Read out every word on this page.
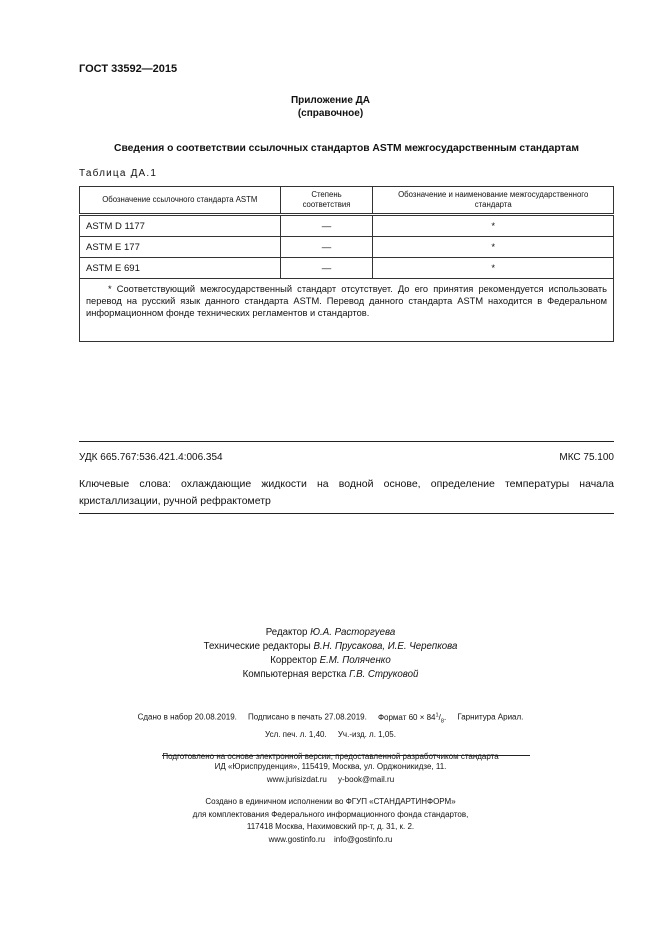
ГОСТ 33592—2015
Приложение ДА
(справочное)
Сведения о соответствии ссылочных стандартов ASTM межгосударственным стандартам
Таблица ДА.1
Обозначение ссылочного стандарта ASTM	Степень соответствия	Обозначение и наименование межгосударственного стандарта
ASTM D 1177	—	*
ASTM E 177	—	*
ASTM E 691	—	*
* Соответствующий межгосударственный стандарт отсутствует. До его принятия рекомендуется использовать перевод на русский язык данного стандарта ASTM. Перевод данного стандарта ASTM находится в Федеральном информационном фонде технических регламентов и стандартов.		
УДК 665.767:536.421.4:006.354	МКС 75.100
Ключевые слова: охлаждающие жидкости на водной основе, определение температуры начала кристаллизации, ручной рефрактометр
Редактор Ю.А. Расторгуева
Технические редакторы В.Н. Прусакова, И.Е. Черепкова
Корректор Е.М. Поляченко
Компьютерная верстка Г.В. Струковой
Сдано в набор 20.08.2019. Подписано в печать 27.08.2019. Формат $60 \times 84^1/_8$. Гарнитура Ариал.
Усл. печ. л. 1,40. Уч.-изд. л. 1,05.
Подготовлено на основе электронной версии, предоставленной разработчиком стандарта
ИД «Юриспруденция», 115419, Москва, ул. Орджоникидзе, 11.
www.jurisizdat.ru y-book@mail.ru
Создано в единичном исполнении во ФГУП «СТАНДАРТИНФОРМ»
для комплектования Федерального информационного фонда стандартов,
117418 Москва, Нахимовский пр-т, д. 31, к. 2.
www.gostinfo.ru info@gostinfo.ru
